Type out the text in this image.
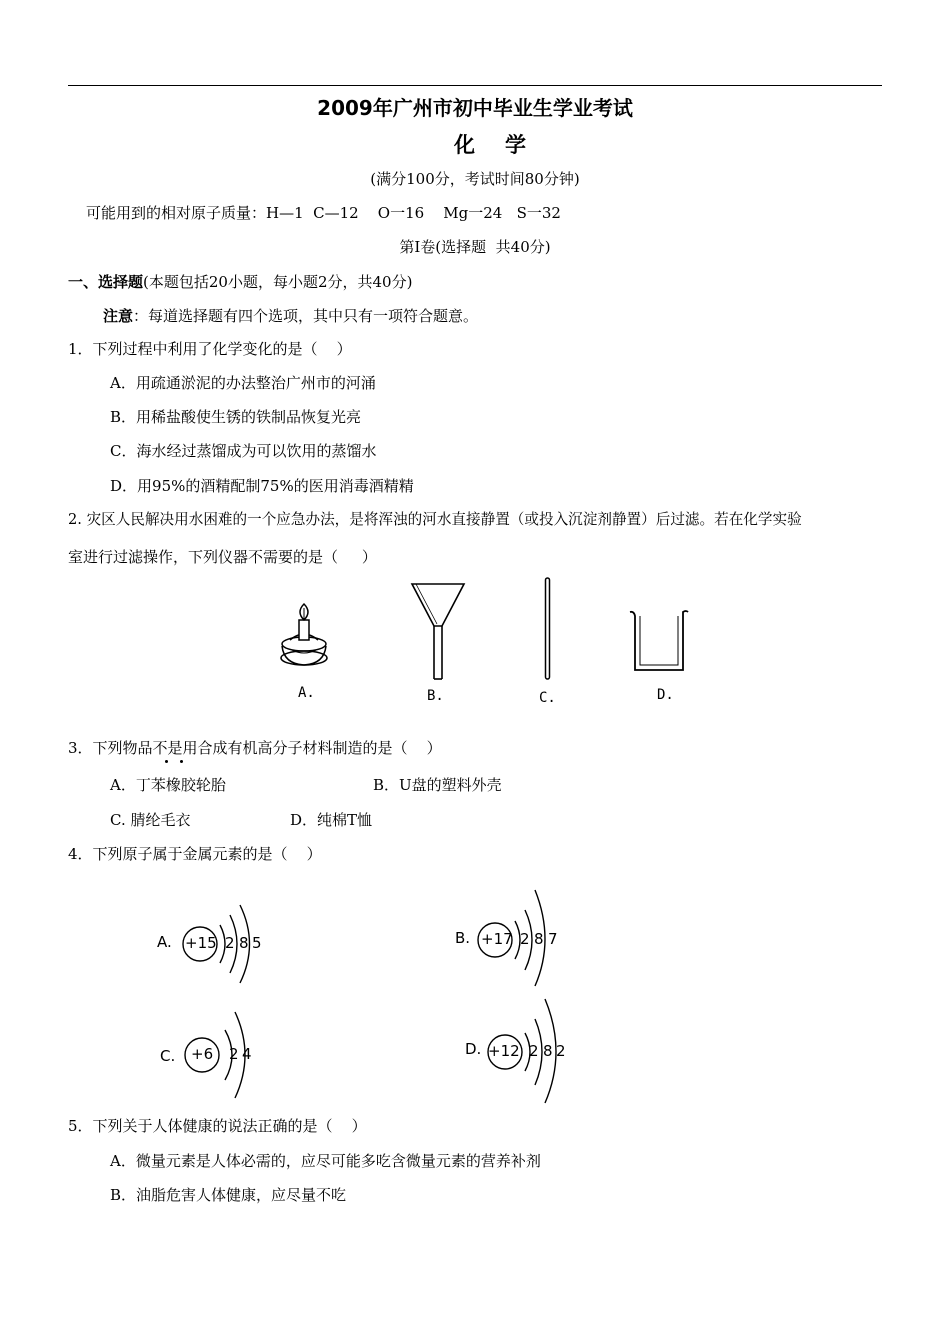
2009年广州市初中毕业生学业考试
化学
(满分100分，考试时间80分钟)
可能用到的相对原子质量：H—1  C—12    O一16    Mg一24   S一32
第Ⅰ卷(选择题  共40分)
一、选择题(本题包括20小题，每小题2分，共40分)
注意：每道选择题有四个选项，其中只有一项符合题意。
1．下列过程中利用了化学变化的是（    ）
A．用疏通淤泥的办法整治广州市的河涌
B．用稀盐酸使生锈的铁制品恢复光亮
C．海水经过蒸馏成为可以饮用的蒸馏水
D．用95%的酒精配制75%的医用消毒酒精精
2. 灾区人民解决用水困难的一个应急办法，是将浑浊的河水直接静置（或投入沉淀剂静置）后过滤。若在化学实验
室进行过滤操作，下列仪器不需要的是（     ）
A.	B.	C.	D.
3．下列物品不是用合成有机高分子材料制造的是（    ）
A．丁苯橡胶轮胎	B．U盘的塑料外壳
C. 腈纶毛衣	D．纯棉T恤
4．下列原子属于金属元素的是（    ）
A. +15 2 8 5	B. +17 2 8 7
C. +6 2 4	D. +12 2 8 2
5．下列关于人体健康的说法正确的是（    ）
A．微量元素是人体必需的，应尽可能多吃含微量元素的营养补剂
B．油脂危害人体健康，应尽量不吃
